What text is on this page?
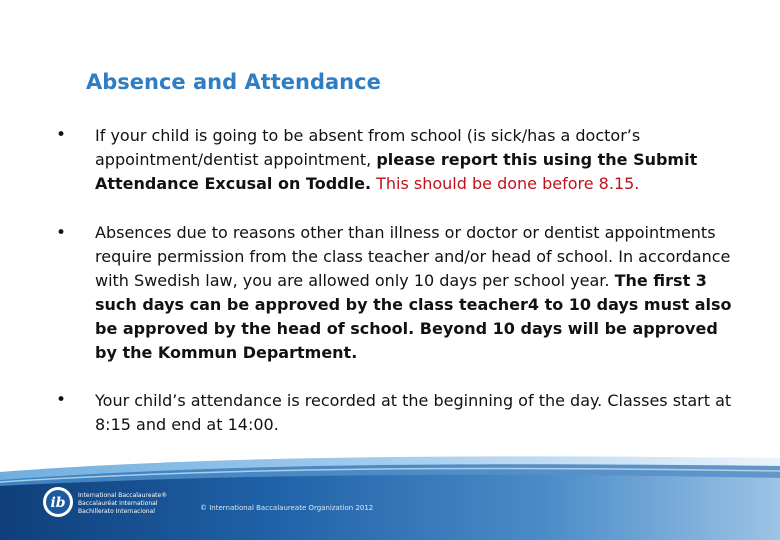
Absence and Attendance
• If your child is going to be absent from school (is sick/has a doctor’s appointment/dentist appointment, please report this using the Submit Attendance Excusal on Toddle. This should be done before 8.15.

• Absences due to reasons other than illness or doctor or dentist appointments require permission from the class teacher and/or head of school. In accordance with Swedish law, you are allowed only 10 days per school year. The first 3 such days can be approved by the class teacher4 to 10 days must also be approved by the head of school. Beyond 10 days will be approved by the Kommun Department.

• Your child’s attendance is recorded at the beginning of the day. Classes start at 8:15 and end at 14:00.

ib International Baccalaureate®
Baccalauréat International
Bachillerato Internacional	© International Baccalaureate Organization 2012
